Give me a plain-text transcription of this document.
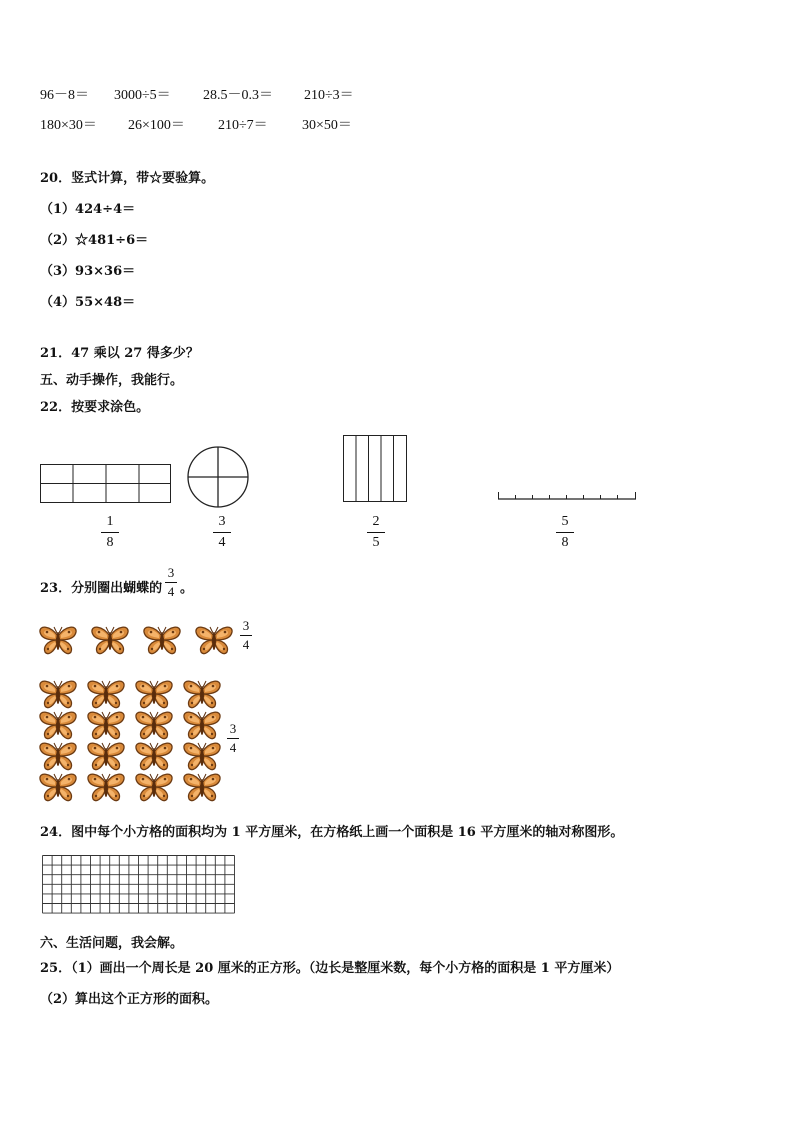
96－8＝ 3000÷5＝ 28.5－0.3＝ 210÷3＝
180×30＝ 26×100＝ 210÷7＝ 30×50＝
20．竖式计算，带☆要验算。
（1）424÷4＝
（2）☆481÷6＝
（3）93×36＝
（4）55×48＝
21．47 乘以 27 得多少？
五、动手操作，我能行。
22．按要求涂色。
1
8
3
4
2
5
5
8
23．分别圈出蝴蝶的
3
4 。
3
4
3
4
24．图中每个小方格的面积均为 1 平方厘米，在方格纸上画一个面积是 16 平方厘米的轴对称图形。
六、生活问题，我会解。
25．（1）画出一个周长是 20 厘米的正方形。（边长是整厘米数，每个小方格的面积是 1 平方厘米）
（2）算出这个正方形的面积。
